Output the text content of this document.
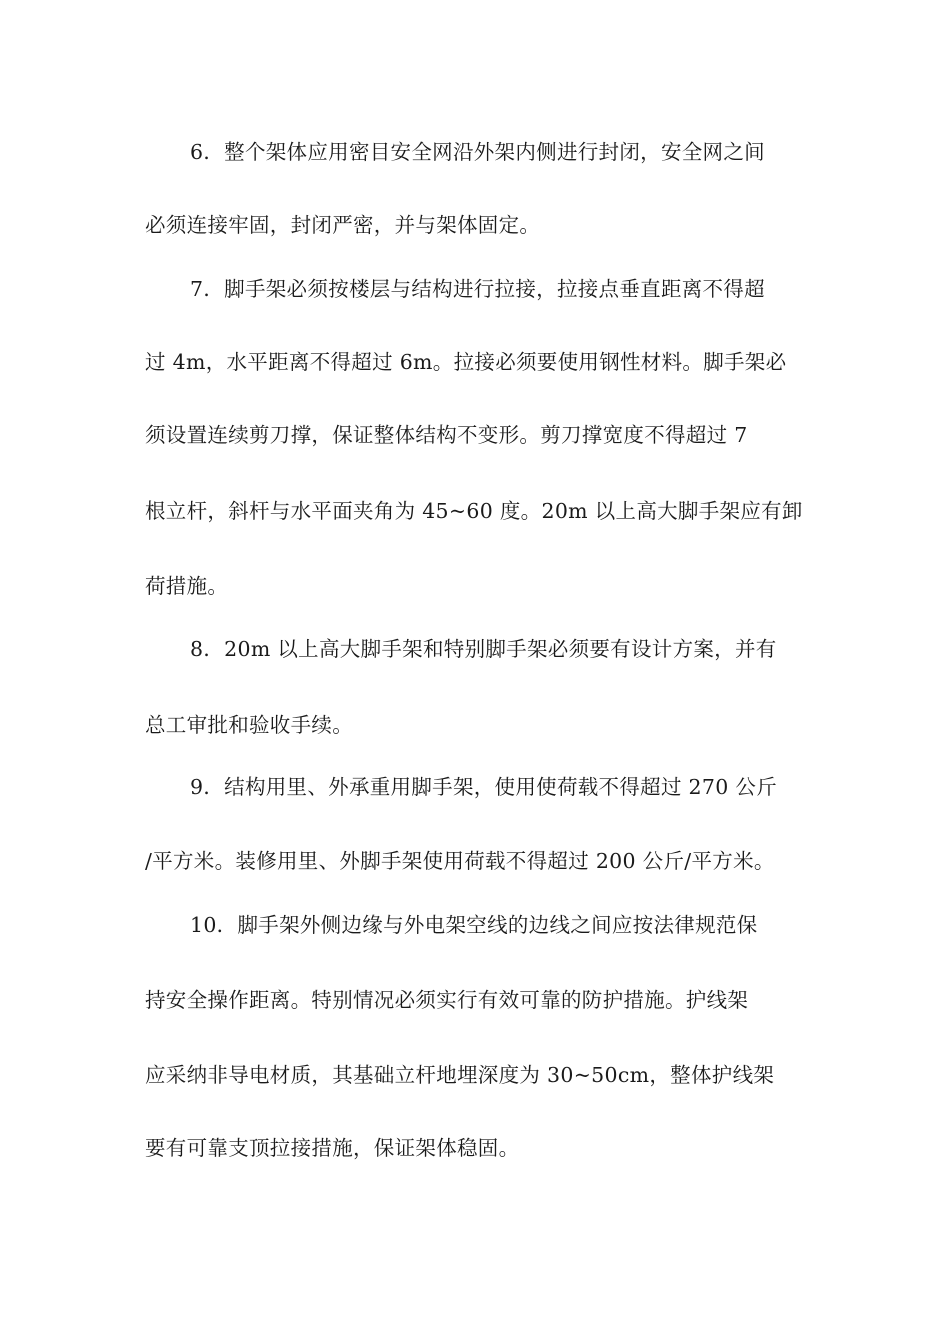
6．整个架体应用密目安全网沿外架内侧进行封闭，安全网之间
必须连接牢固，封闭严密，并与架体固定。
7．脚手架必须按楼层与结构进行拉接，拉接点垂直距离不得超
过 4m，水平距离不得超过 6m。拉接必须要使用钢性材料。脚手架必
须设置连续剪刀撑，保证整体结构不变形。剪刀撑宽度不得超过 7
根立杆，斜杆与水平面夹角为 45~60 度。20m 以上高大脚手架应有卸
荷措施。
8．20m 以上高大脚手架和特别脚手架必须要有设计方案，并有
总工审批和验收手续。
9．结构用里、外承重用脚手架，使用使荷载不得超过 270 公斤
/平方米。装修用里、外脚手架使用荷载不得超过 200 公斤/平方米。
10．脚手架外侧边缘与外电架空线的边线之间应按法律规范保
持安全操作距离。特别情况必须实行有效可靠的防护措施。护线架
应采纳非导电材质，其基础立杆地埋深度为 30~50cm，整体护线架
要有可靠支顶拉接措施，保证架体稳固。
